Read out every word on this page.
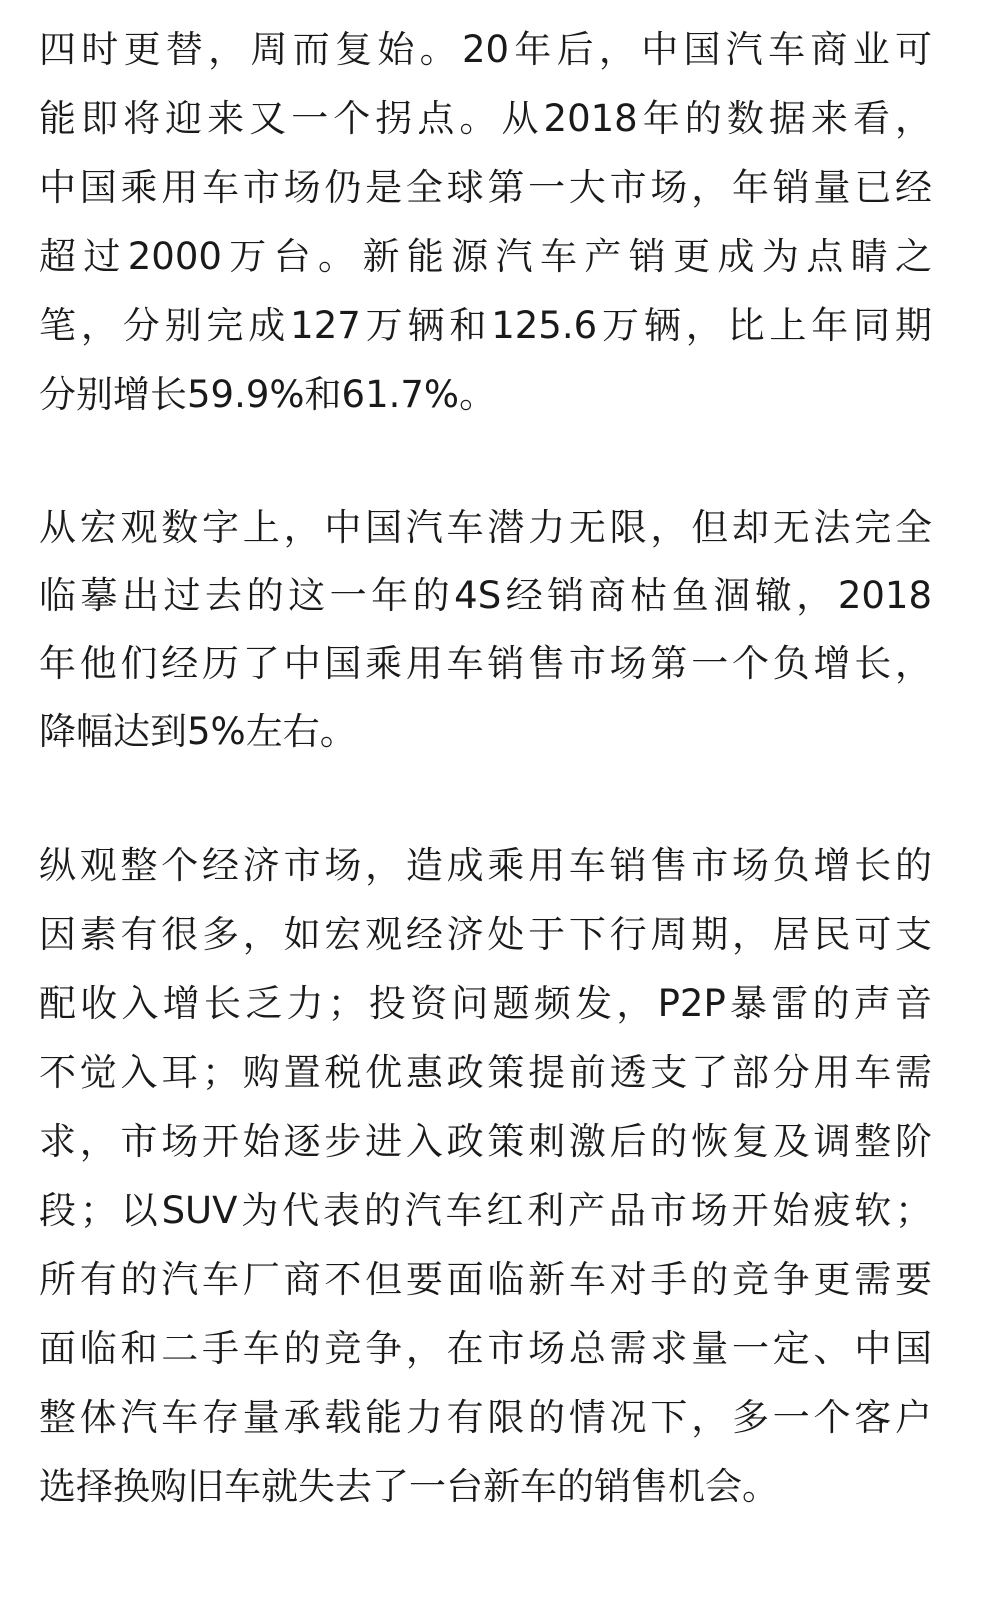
四时更替，周而复始。20年后，中国汽车商业可
能即将迎来又一个拐点。从2018年的数据来看，
中国乘用车市场仍是全球第一大市场，年销量已经
超过2000万台。新能源汽车产销更成为点睛之
笔，分别完成127万辆和125.6万辆，比上年同期
分别增长59.9%和61.7%。
从宏观数字上，中国汽车潜力无限，但却无法完全
临摹出过去的这一年的4S经销商枯鱼涸辙，2018
年他们经历了中国乘用车销售市场第一个负增长，
降幅达到5%左右。
纵观整个经济市场，造成乘用车销售市场负增长的
因素有很多，如宏观经济处于下行周期，居民可支
配收入增长乏力；投资问题频发，P2P暴雷的声音
不觉入耳；购置税优惠政策提前透支了部分用车需
求，市场开始逐步进入政策刺激后的恢复及调整阶
段；以SUV为代表的汽车红利产品市场开始疲软；
所有的汽车厂商不但要面临新车对手的竞争更需要
面临和二手车的竞争，在市场总需求量一定、中国
整体汽车存量承载能力有限的情况下，多一个客户
选择换购旧车就失去了一台新车的销售机会。
